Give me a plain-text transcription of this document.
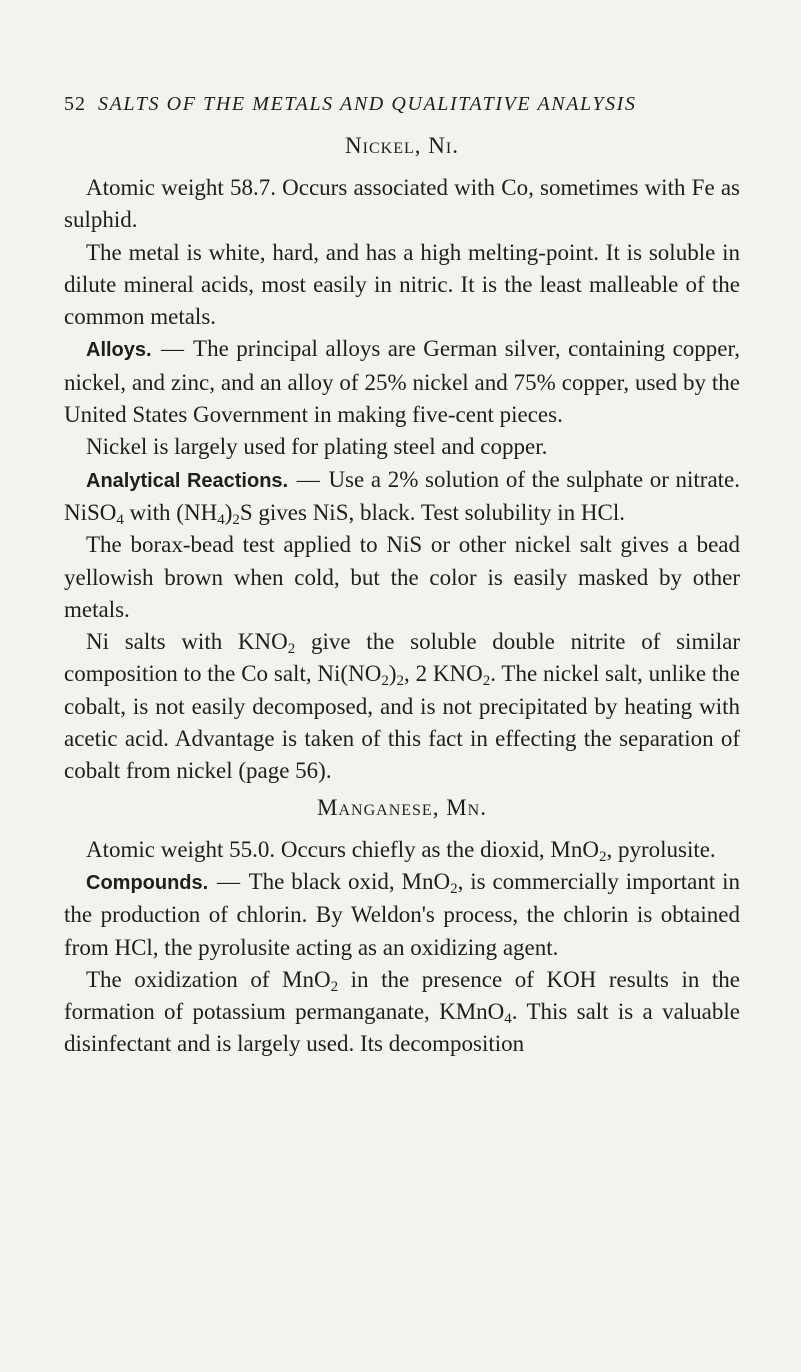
52 SALTS OF THE METALS AND QUALITATIVE ANALYSIS
Nickel, Ni.

Atomic weight 58.7. Occurs associated with Co, sometimes with Fe as sulphid.

The metal is white, hard, and has a high melting-point. It is soluble in dilute mineral acids, most easily in nitric. It is the least malleable of the common metals.

Alloys. — The principal alloys are German silver, containing copper, nickel, and zinc, and an alloy of 25% nickel and 75% copper, used by the United States Government in making five-cent pieces.

Nickel is largely used for plating steel and copper.

Analytical Reactions. — Use a 2% solution of the sulphate or nitrate. NiSO$_4$ with $(NH_4)_2S$ gives NiS, black. Test solubility in HCl.

The borax-bead test applied to NiS or other nickel salt gives a bead yellowish brown when cold, but the color is easily masked by other metals.

Ni salts with $KNO_2$ give the soluble double nitrite of similar composition to the Co salt, $Ni(NO_2)_2$, 2 $KNO_2$. The nickel salt, unlike the cobalt, is not easily decomposed, and is not precipitated by heating with acetic acid. Advantage is taken of this fact in effecting the separation of cobalt from nickel (page 56).

Manganese, Mn.

Atomic weight 55.0. Occurs chiefly as the dioxid, MnO$_2$, pyrolusite.

Compounds. — The black oxid, MnO$_2$, is commercially important in the production of chlorin. By Weldon's process, the chlorin is obtained from HCl, the pyrolusite acting as an oxidizing agent.

The oxidization of MnO$_2$ in the presence of KOH results in the formation of potassium permanganate, KMnO$_4$. This salt is a valuable disinfectant and is largely used. Its decomposition
